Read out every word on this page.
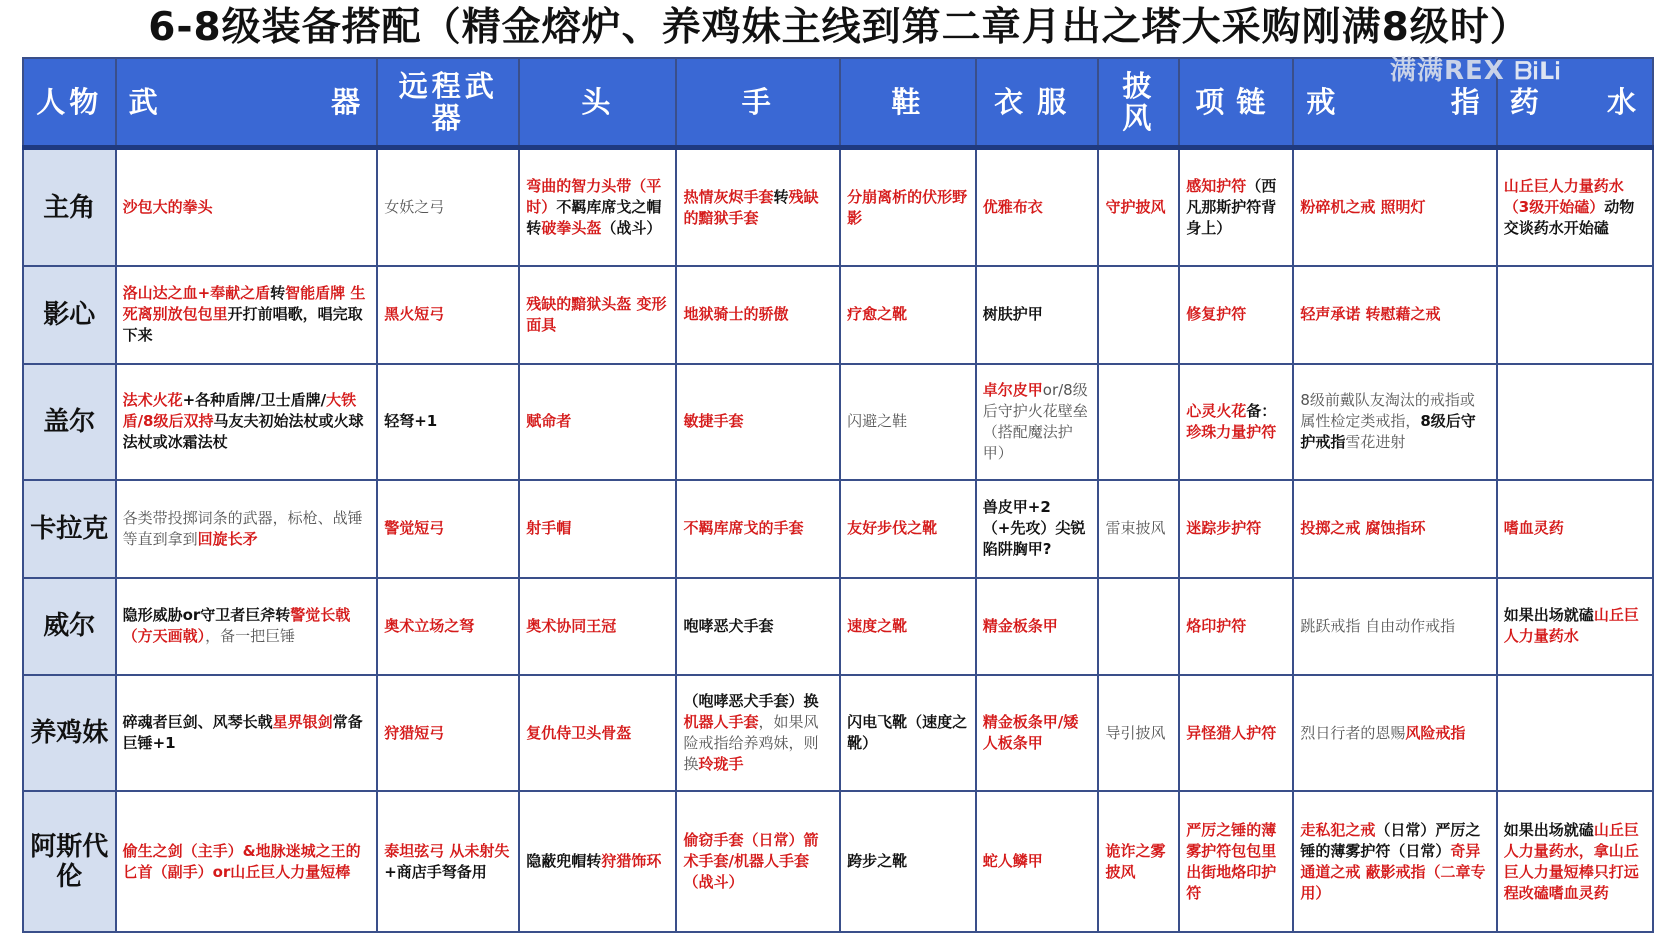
6-8级装备搭配（精金熔炉、养鸡妹主线到第二章月出之塔大采购刚满8级时）
满满REX ᗷᎥᒪᎥ
人物	武器	远程武器	头	手	鞋	衣服	披风	项链	戒指	药水
主角	沙包大的拳头	女妖之弓	弯曲的智力头带（平时）不羁库席戈之帽转破拳头盔（战斗）	热情灰烬手套转残缺的黯狱手套	分崩离析的伏形野影	优雅布衣	守护披风	感知护符（西凡那斯护符背身上）	粉碎机之戒 照明灯	山丘巨人力量药水（3级开始磕）动物交谈药水开始磕
影心	洛山达之血+奉献之盾转智能盾牌 生死离别放包包里开打前唱歌，唱完取下来	黑火短弓	残缺的黯狱头盔 变形面具	地狱骑士的骄傲	疗愈之靴	树肤护甲		修复护符	轻声承诺 转慰藉之戒	
盖尔	法术火花+各种盾牌/卫士盾牌/大铁盾/8级后双持马友夫初始法杖或火球法杖或冰霜法杖	轻弩+1	赋命者	敏捷手套	闪避之鞋	卓尔皮甲or/8级后守护火花壁垒（搭配魔法护甲）		心灵火花备：珍珠力量护符	8级前戴队友淘汰的戒指或属性检定类戒指，8级后守护戒指雪花进射	
卡拉克	各类带投掷词条的武器，标枪、战锤等直到拿到回旋长矛	警觉短弓	射手帽	不羁库席戈的手套	友好步伐之靴	兽皮甲+2（+先攻）尖锐陷阱胸甲?	雷束披风	迷踪步护符	投掷之戒 腐蚀指环	嗜血灵药
威尔	隐形威胁or守卫者巨斧转警觉长戟（方天画戟），备一把巨锤	奥术立场之弩	奥术协同王冠	咆哮恶犬手套	速度之靴	精金板条甲		烙印护符	跳跃戒指 自由动作戒指	如果出场就磕山丘巨人力量药水
养鸡妹	碎魂者巨剑、风琴长戟星界银剑常备巨锤+1	狩猎短弓	复仇侍卫头骨盔	（咆哮恶犬手套）换机器人手套，如果风险戒指给养鸡妹，则换玲珑手	闪电飞靴（速度之靴）	精金板条甲/矮人板条甲	导引披风	异怪猎人护符	烈日行者的恩赐风险戒指	
阿斯代伦	偷生之剑（主手）&地脉迷城之王的匕首（副手）or山丘巨人力量短棒	泰坦弦弓 从未射失+商店手弩备用	隐蔽兜帽转狩猎饰环	偷窃手套（日常）箭术手套/机器人手套（战斗）	跨步之靴	蛇人鳞甲	诡诈之雾披风	严厉之锤的薄雾护符包包里 出街地烙印护符	走私犯之戒（日常）严厉之锤的薄雾护符（日常）奇异通道之戒 蔽影戒指（二章专用）	如果出场就磕山丘巨人力量药水，拿山丘巨人力量短棒只打远程改磕嗜血灵药
